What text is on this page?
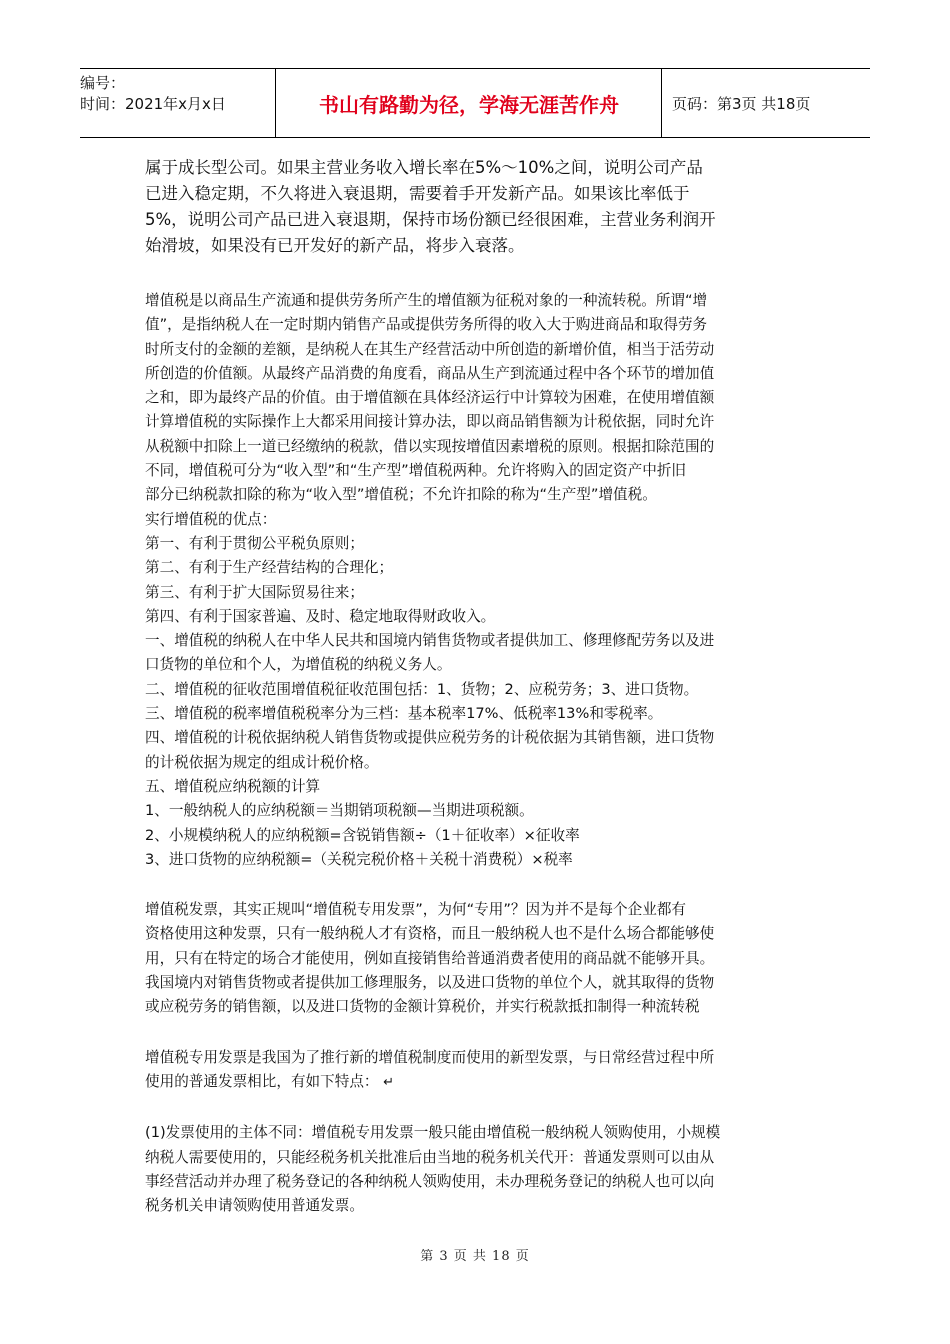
编号：
时间：2021年x月x日	书山有路勤为径，学海无涯苦作舟	页码：第3页 共18页

属于成长型公司。如果主营业务收入增长率在5%～10%之间，说明公司产品

已进入稳定期，不久将进入衰退期，需要着手开发新产品。如果该比率低于

5%，说明公司产品已进入衰退期，保持市场份额已经很困难，主营业务利润开

始滑坡，如果没有已开发好的新产品，将步入衰落。

增值税是以商品生产流通和提供劳务所产生的增值额为征税对象的一种流转税。所谓“增

值”，是指纳税人在一定时期内销售产品或提供劳务所得的收入大于购进商品和取得劳务

时所支付的金额的差额，是纳税人在其生产经营活动中所创造的新增价值，相当于活劳动

所创造的价值额。从最终产品消费的角度看，商品从生产到流通过程中各个环节的增加值

之和，即为最终产品的价值。由于增值额在具体经济运行中计算较为困难，在使用增值额

计算增值税的实际操作上大都采用间接计算办法，即以商品销售额为计税依据，同时允许

从税额中扣除上一道已经缴纳的税款，借以实现按增值因素增税的原则。根据扣除范围的

不同，增值税可分为“收入型”和“生产型”增值税两种。允许将购入的固定资产中折旧

部分已纳税款扣除的称为“收入型”增值税；不允许扣除的称为“生产型”增值税。

实行增值税的优点：

第一、有利于贯彻公平税负原则；

第二、有利于生产经营结构的合理化；

第三、有利于扩大国际贸易往来；

第四、有利于国家普遍、及时、稳定地取得财政收入。

一、增值税的纳税人在中华人民共和国境内销售货物或者提供加工、修理修配劳务以及进

口货物的单位和个人，为增值税的纳税义务人。

二、增值税的征收范围增值税征收范围包括：1、货物；2、应税劳务；3、进口货物。

三、增值税的税率增值税税率分为三档：基本税率17%、低税率13%和零税率。

四、增值税的计税依据纳税人销售货物或提供应税劳务的计税依据为其销售额，进口货物

的计税依据为规定的组成计税价格。

五、增值税应纳税额的计算

1、一般纳税人的应纳税额＝当期销项税额—当期进项税额。

2、小规模纳税人的应纳税额=含锐销售额÷（1＋征收率）×征收率

3、进口货物的应纳税额=（关税完税价格＋关税十消费税）×税率

增值税发票，其实正规叫“增值税专用发票”，为何“专用”？因为并不是每个企业都有

资格使用这种发票，只有一般纳税人才有资格，而且一般纳税人也不是什么场合都能够使

用，只有在特定的场合才能使用，例如直接销售给普通消费者使用的商品就不能够开具。

我国境内对销售货物或者提供加工修理服务，以及进口货物的单位个人，就其取得的货物

或应税劳务的销售额，以及进口货物的金额计算税价，并实行税款抵扣制得一种流转税

增值税专用发票是我国为了推行新的增值税制度而使用的新型发票，与日常经营过程中所

使用的普通发票相比，有如下特点： ↵

(1)发票使用的主体不同：增值税专用发票一般只能由增值税一般纳税人领购使用，小规模

纳税人需要使用的，只能经税务机关批准后由当地的税务机关代开：普通发票则可以由从

事经营活动并办理了税务登记的各种纳税人领购使用，未办理税务登记的纳税人也可以向

税务机关申请领购使用普通发票。

第 3 页 共 18 页
